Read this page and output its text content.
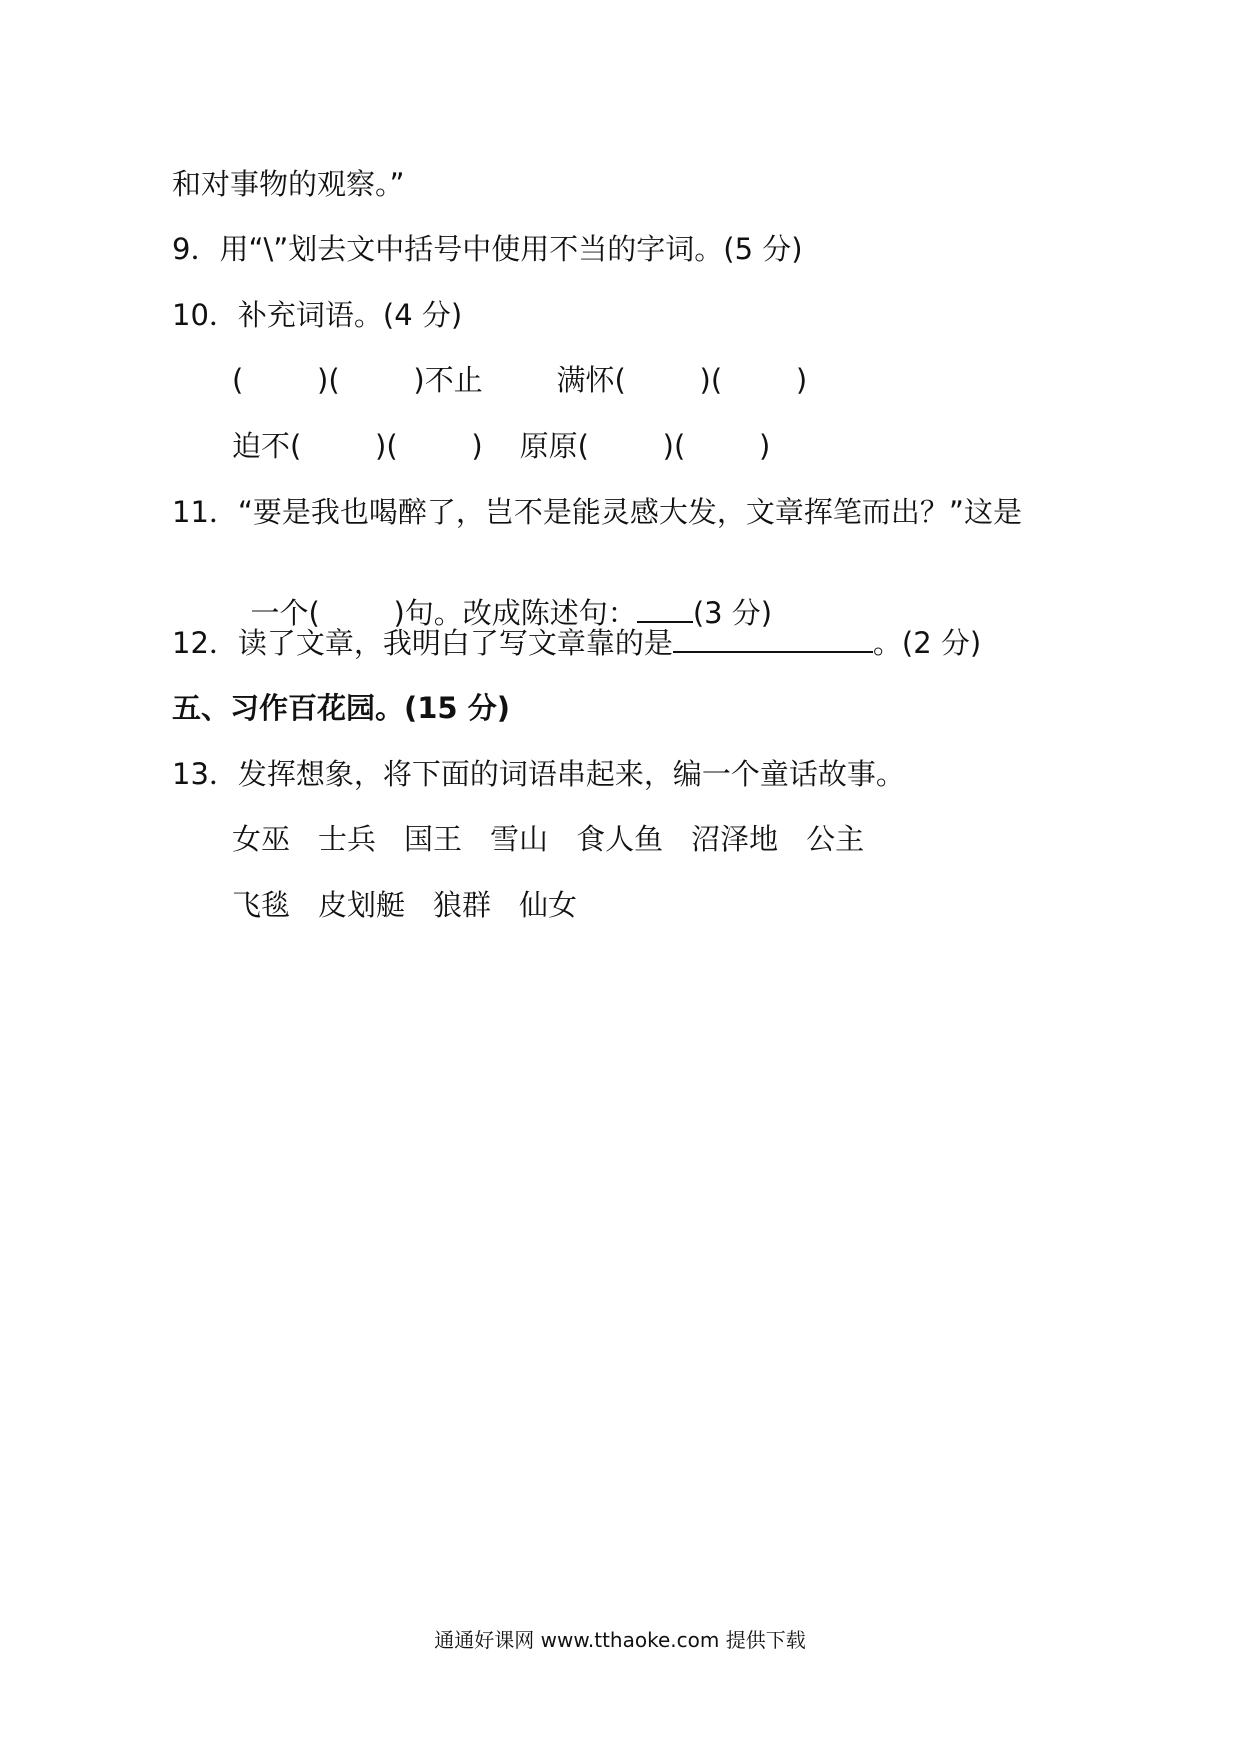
和对事物的观察。”
9．用“\”划去文中括号中使用不当的字词。(5 分)
10．补充词语。(4 分)
(        )(        )不止        满怀(        )(        )
迫不(        )(        )    原原(        )(        )
11．“要是我也喝醉了，岂不是能灵感大发，文章挥笔而出？”这是

一个(        )句。改成陈述句： (3 分)

12．读了文章，我明白了写文章靠的是	。(2 分)
五、习作百花园。(15 分)
13．发挥想象，将下面的词语串起来，编一个童话故事。
女巫 士兵 国王 雪山 食人鱼 沼泽地 公主
飞毯 皮划艇 狼群 仙女
通通好课网 www.tthaoke.com 提供下载
